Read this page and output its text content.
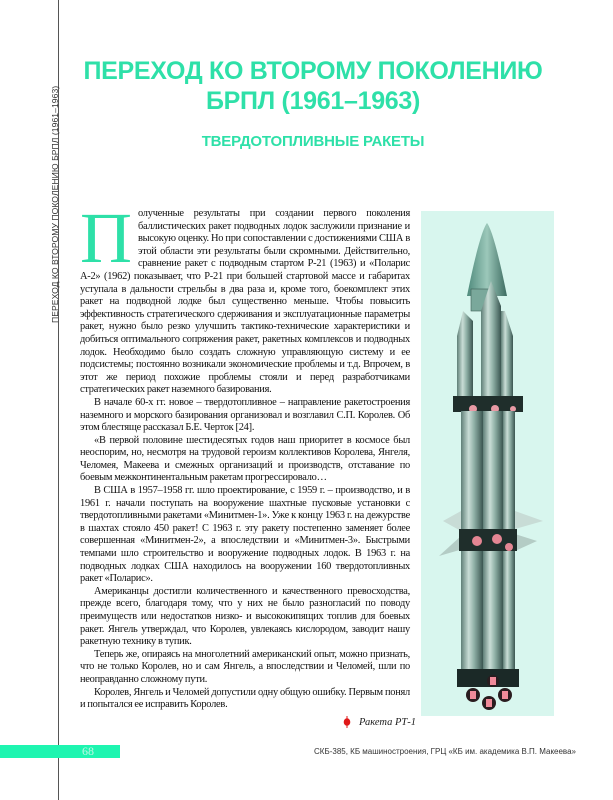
ПЕРЕХОД КО ВТОРОМУ ПОКОЛЕНИЮ БРПЛ (1961–1963)
ПЕРЕХОД КО ВТОРОМУ ПОКОЛЕНИЮ
БРПЛ (1961–1963)
ТВЕРДОТОПЛИВНЫЕ РАКЕТЫ

Полученные результаты при создании первого поколения баллистических ракет подводных лодок заслужили признание и высокую оценку. Но при сопоставлении с достижениями США в этой области эти результаты были скромными. Действительно, сравнение ракет с подводным стартом Р-21 (1963) и «Поларис А-2» (1962) показывает, что Р-21 при большей стартовой массе и габаритах уступала в дальности стрельбы в два раза и, кроме того, боекомплект этих ракет на подводной лодке был существенно меньше. Чтобы повысить эффективность стратегического сдерживания и эксплуатационные параметры ракет, нужно было резко улучшить тактико-технические характеристики и добиться оптимального сопряжения ракет, ракетных комплексов и подводных лодок. Необходимо было создать сложную управляющую систему и ее подсистемы; постоянно возникали экономические проблемы и т.д. Впрочем, в этот же период похожие проблемы стояли и перед разработчиками стратегических ракет наземного базирования.

В начале 60-х гг. новое – твердотопливное – направление ракетостроения наземного и морского базирования организовал и возглавил С.П. Королев. Об этом блестяще рассказал Б.Е. Черток [24].

«В первой половине шестидесятых годов наш приоритет в космосе был неоспорим, но, несмотря на трудовой героизм коллективов Королева, Янгеля, Челомея, Макеева и смежных организаций и производств, отставание по боевым межконтинентальным ракетам прогрессировало…

В США в 1957–1958 гг. шло проектирование, с 1959 г. – производство, и в 1961 г. начали поступать на вооружение шахтные пусковые установки с твердотопливными ракетами «Минитмен-1». Уже к концу 1963 г. на дежурстве в шахтах стояло 450 ракет! С 1963 г. эту ракету постепенно заменяет более совершенная «Минитмен-2», а впоследствии и «Минитмен-3». Быстрыми темпами шло строительство и вооружение подводных лодок. В 1963 г. на подводных лодках США находилось на вооружении 160 твердотопливных ракет «Поларис».

Американцы достигли количественного и качественного превосходства, прежде всего, благодаря тому, что у них не было разногласий по поводу преимуществ или недостатков низко- и высококипящих топлив для боевых ракет. Янгель утверждал, что Королев, увлекаясь кислородом, заводит нашу ракетную технику в тупик.

Теперь же, опираясь на многолетний американский опыт, можно признать, что не только Королев, но и сам Янгель, а впоследствии и Челомей, шли по неоправданно сложному пути.

Королев, Янгель и Челомей допустили одну общую ошибку. Первым понял и попытался ее исправить Королев.

Ракета РТ-1
68	СКБ-385, КБ машиностроения, ГРЦ «КБ им. академика В.П. Макеева»
